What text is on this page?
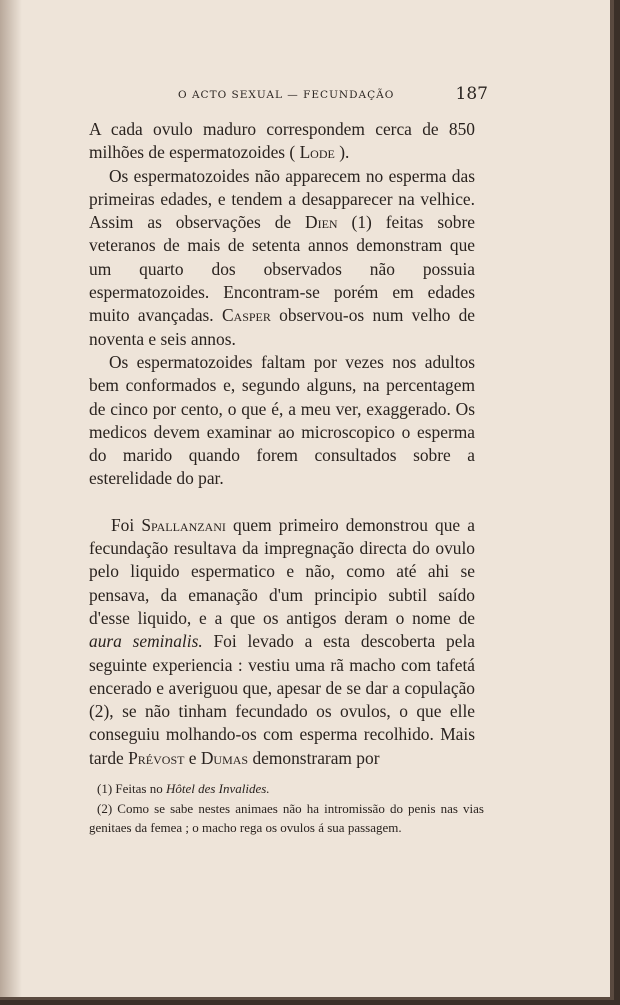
O ACTO SEXUAL — FECUNDAÇÃO	187

A cada ovulo maduro correspondem cerca de 850 milhões de espermatozoides ( Lode ).

Os espermatozoides não apparecem no esperma das primeiras edades, e tendem a desapparecer na velhice. Assim as observações de Dien (1) feitas sobre veteranos de mais de setenta annos demonstram que um quarto dos observados não possuia espermatozoides. Encontram-se porém em edades muito avançadas. Casper observou-os num velho de noventa e seis annos.

Os espermatozoides faltam por vezes nos adultos bem conformados e, segundo alguns, na percentagem de cinco por cento, o que é, a meu ver, exaggerado. Os medicos devem examinar ao microscopico o esperma do marido quando forem consultados sobre a esterelidade do par.

Foi Spallanzani quem primeiro demonstrou que a fecundação resultava da impregnação directa do ovulo pelo liquido espermatico e não, como até ahi se pensava, da emanação d'um principio subtil saído d'esse liquido, e a que os antigos deram o nome de aura seminalis. Foi levado a esta descoberta pela seguinte experiencia : vestiu uma rã macho com tafetá encerado e averiguou que, apesar de se dar a copulação (2), se não tinham fecundado os ovulos, o que elle conseguiu molhando-os com esperma recolhido. Mais tarde Prévost e Dumas demonstraram por

(1) Feitas no Hôtel des Invalides.

(2) Como se sabe nestes animaes não ha intromissão do penis nas vias genitaes da femea ; o macho rega os ovulos á sua passagem.
